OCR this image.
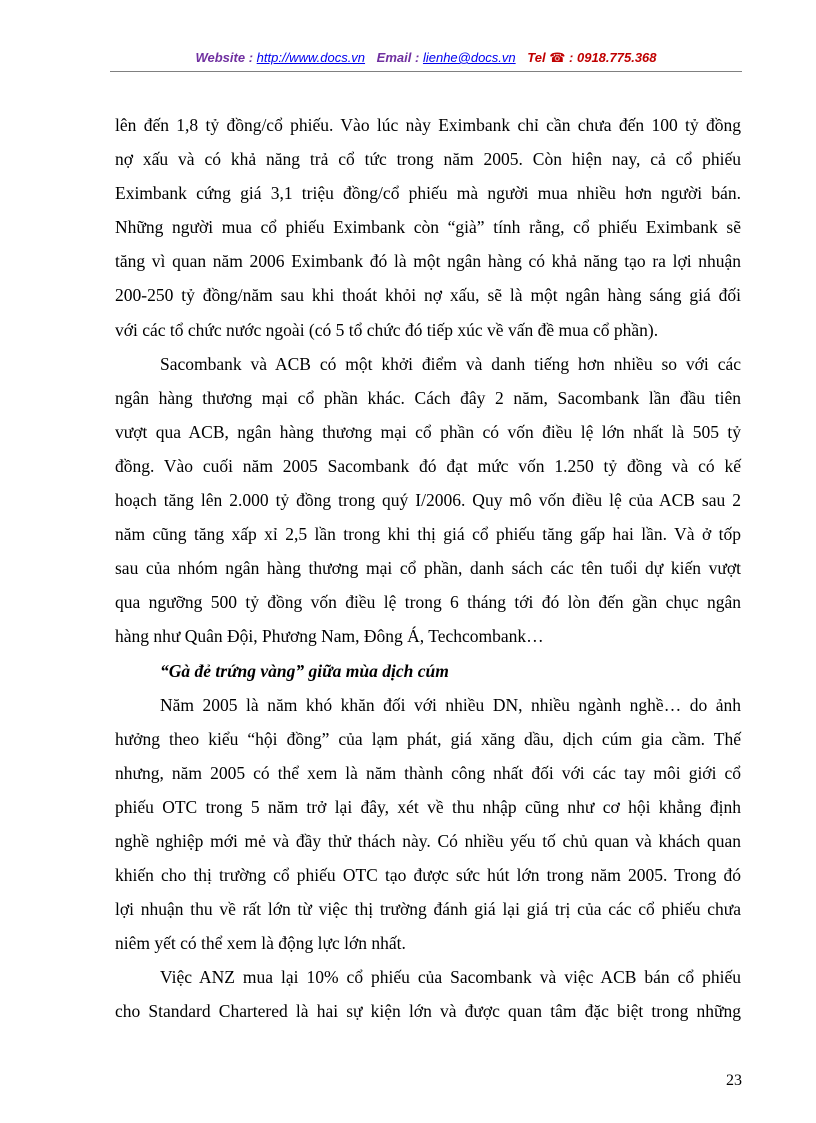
Website : http://www.docs.vn Email : lienhe@docs.vn Tel ☎ : 0918.775.368
lên đến 1,8 tỷ đồng/cổ phiếu. Vào lúc này Eximbank chỉ cần chưa đến 100 tỷ đồng
nợ xấu và có khả năng trả cổ tức trong năm 2005. Còn hiện nay, cả cổ phiếu
Eximbank cứng giá 3,1 triệu đồng/cổ phiếu mà người mua nhiều hơn người bán.
Những người mua cổ phiếu Eximbank còn “già” tính rằng, cổ phiếu Eximbank sẽ
tăng vì quan năm 2006 Eximbank đó là một ngân hàng có khả năng tạo ra lợi nhuận
200-250 tỷ đồng/năm sau khi thoát khỏi nợ xấu, sẽ là một ngân hàng sáng giá đối
với các tổ chức nước ngoài (có 5 tổ chức đó tiếp xúc về vấn đề mua cổ phần).
Sacombank và ACB có một khởi điểm và danh tiếng hơn nhiều so với các
ngân hàng thương mại cổ phần khác. Cách đây 2 năm, Sacombank lần đầu tiên
vượt qua ACB, ngân hàng thương mại cổ phần có vốn điều lệ lớn nhất là 505 tỷ
đồng. Vào cuối năm 2005 Sacombank đó đạt mức vốn 1.250 tỷ đồng và có kế
hoạch tăng lên 2.000 tỷ đồng trong quý I/2006. Quy mô vốn điều lệ của ACB sau 2
năm cũng tăng xấp xỉ 2,5 lần trong khi thị giá cổ phiếu tăng gấp hai lần. Và ở tốp
sau của nhóm ngân hàng thương mại cổ phần, danh sách các tên tuổi dự kiến vượt
qua ngưỡng 500 tỷ đồng vốn điều lệ trong 6 tháng tới đó lòn đến gần chục ngân
hàng như Quân Đội, Phương Nam, Đông Á, Techcombank…
“Gà đẻ trứng vàng” giữa mùa dịch cúm
Năm 2005 là năm khó khăn đối với nhiều DN, nhiều ngành nghề… do ảnh
hưởng theo kiểu “hội đồng” của lạm phát, giá xăng dầu, dịch cúm gia cầm. Thế
nhưng, năm 2005 có thể xem là năm thành công nhất đối với các tay môi giới cổ
phiếu OTC trong 5 năm trở lại đây, xét về thu nhập cũng như cơ hội khẳng định
nghề nghiệp mới mẻ và đầy thử thách này. Có nhiều yếu tố chủ quan và khách quan
khiến cho thị trường cổ phiếu OTC tạo được sức hút lớn trong năm 2005. Trong đó
lợi nhuận thu về rất lớn từ việc thị trường đánh giá lại giá trị của các cổ phiếu chưa
niêm yết có thể xem là động lực lớn nhất.
Việc ANZ mua lại 10% cổ phiếu của Sacombank và việc ACB bán cổ phiếu
cho Standard Chartered là hai sự kiện lớn và được quan tâm đặc biệt trong những
23
